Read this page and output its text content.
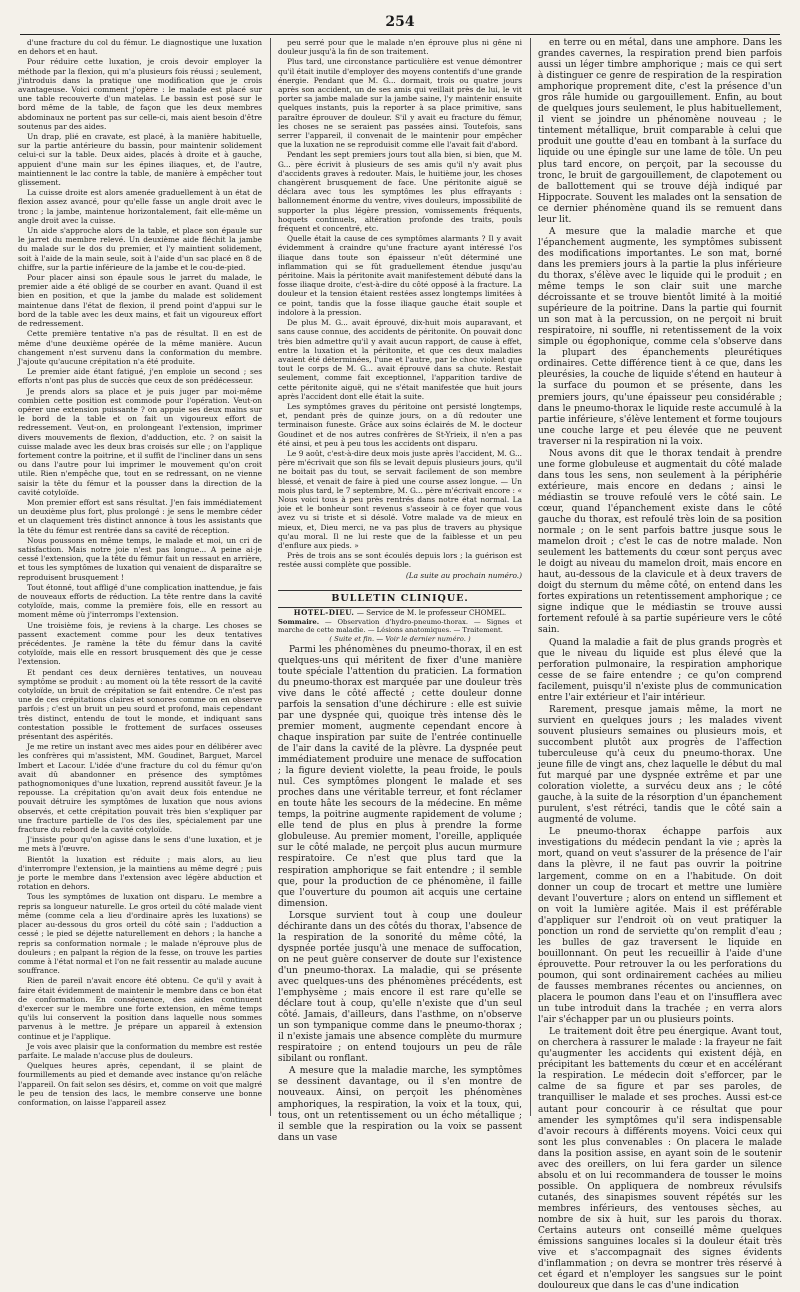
254

d'une fracture du col du fémur. Le diagnostique une luxation en dehors et en haut.

Pour réduire cette luxation, je crois devoir employer la méthode par la flexion, qui m'a plusieurs fois réussi ; seulement, j'introduis dans la pratique une modification que je crois avantageuse. Voici comment j'opère : le malade est placé sur une table recouverte d'un matelas. Le bassin est posé sur le bord même de la table, de façon que les deux membres abdominaux ne portent pas sur celle-ci, mais aient besoin d'être soutenus par des aides.

Un drap, plié en cravate, est placé, à la manière habituelle, sur la partie antérieure du bassin, pour maintenir solidement celui-ci sur la table. Deux aides, placés à droite et à gauche, appuient d'une main sur les épines iliaques, et, de l'autre, maintiennent le lac contre la table, de manière à empêcher tout glissement.

La cuisse droite est alors amenée graduellement à un état de flexion assez avancé, pour qu'elle fasse un angle droit avec le tronc ; la jambe, maintenue horizontalement, fait elle-même un angle droit avec la cuisse.

Un aide s'approche alors de la table, et place son épaule sur le jarret du membre relevé. Un deuxième aide fléchit la jambe du malade sur le dos du premier, et l'y maintient solidement, soit à l'aide de la main seule, soit à l'aide d'un sac placé en 8 de chiffre, sur la partie inférieure de la jambe et le cou-de-pied.

Pour placer ainsi son épaule sous le jarret du malade, le premier aide a été obligé de se courber en avant. Quand il est bien en position, et que la jambe du malade est solidement maintenue dans l'état de flexion, il prend point d'appui sur le bord de la table avec les deux mains, et fait un vigoureux effort de redressement.

Cette première tentative n'a pas de résultat. Il en est de même d'une deuxième opérée de la même manière. Aucun changement n'est survenu dans la conformation du membre. J'ajoute qu'aucune crépitation n'a été produite.

Le premier aide étant fatigué, j'en emploie un second ; ses efforts n'ont pas plus de succès que ceux de son prédécesseur.

Je prends alors sa place et je puis juger par moi-même combien cette position est commode pour l'opération. Veut-on opérer une extension puissante ? on appuie ses deux mains sur le bord de la table et on fait un vigoureux effort de redressement. Veut-on, en prolongeant l'extension, imprimer divers mouvements de flexion, d'adduction, etc. ? on saisit la cuisse malade avec les deux bras croisés sur elle ; on l'applique fortement contre la poitrine, et il suffit de l'incliner dans un sens ou dans l'autre pour lui imprimer le mouvement qu'on croit utile. Rien n'empêche que, tout en se redressant, on ne vienne saisir la tête du fémur et la pousser dans la direction de la cavité cotyloïde.

Mon premier effort est sans résultat. J'en fais immédiatement un deuxième plus fort, plus prolongé : je sens le membre céder et un claquement très distinct annonce à tous les assistants que la tête du fémur est rentrée dans sa cavité de réception.

Nous poussons en même temps, le malade et moi, un cri de satisfaction. Mais notre joie n'est pas longue... A peine ai-je cessé l'extension, que la tête du fémur fait un ressaut en arrière, et tous les symptômes de luxation qui venaient de disparaître se reproduisent brusquement !

Tout étonné, tout affligé d'une complication inattendue, je fais de nouveaux efforts de réduction. La tête rentre dans la cavité cotyloïde, mais, comme la première fois, elle en ressort au moment même où j'interromps l'extension.

Une troisième fois, je reviens à la charge. Les choses se passent exactement comme pour les deux tentatives précédentes. Je ramène la tête du fémur dans la cavité cotyloïde, mais elle en ressort brusquement dès que je cesse l'extension.

Et pendant ces deux dernières tentatives, un nouveau symptôme se produit : au moment où la tête ressort de la cavité cotyloïde, un bruit de crépitation se fait entendre. Ce n'est pas une de ces crépitations claires et sonores comme on en observe parfois ; c'est un bruit un peu sourd et profond, mais cependant très distinct, entendu de tout le monde, et indiquant sans contestation possible le frottement de surfaces osseuses présentant des aspérités.

Je me retire un instant avec mes aides pour en délibérer avec les confrères qui m'assistent, MM. Goudinet, Barguet, Marcel Imbert et Lacour. L'idée d'une fracture du col du fémur qu'on avait dû abandonner en présence des symptômes pathognomoniques d'une luxation, reprend aussitôt faveur. Je la repousse. La crépitation qu'on avait deux fois entendue ne pouvait détruire les symptômes de luxation que nous avions observés, et cette crépitation pouvait très bien s'expliquer par une fracture partielle de l'os des iles, spécialement par une fracture du rebord de la cavité cotyloïde.

J'insiste pour qu'on agisse dans le sens d'une luxation, et je me mets à l'œuvre.

Bientôt la luxation est réduite ; mais alors, au lieu d'interrompre l'extension, je la maintiens au même degré ; puis je porte le membre dans l'extension avec légère abduction et rotation en dehors.

Tous les symptômes de luxation ont disparu. Le membre a repris sa longueur naturelle. Le gros orteil du côté malade vient même (comme cela a lieu d'ordinaire après les luxations) se placer au-dessous du gros orteil du côté sain ; l'adduction a cessé ; le pied se déjette naturellement en dehors ; la hanche a repris sa conformation normale ; le malade n'éprouve plus de douleurs ; en palpant la région de la fesse, on trouve les parties comme à l'état normal et l'on ne fait ressentir au malade aucune souffrance.

Rien de pareil n'avait encore été obtenu. Ce qu'il y avait à faire était évidemment de maintenir le membre dans ce bon état de conformation. En conséquence, des aides continuent d'exercer sur le membre une forte extension, en même temps qu'ils lui conservent la position dans laquelle nous sommes parvenus à le mettre. Je prépare un appareil à extension continue et je l'applique.

Je vois avec plaisir que la conformation du membre est restée parfaite. Le malade n'accuse plus de douleurs.

Quelques heures après, cependant, il se plaint de fourmillements au pied et demande avec instance qu'on relâche l'appareil. On fait selon ses désirs, et, comme on voit que malgré le peu de tension des lacs, le membre conserve une bonne conformation, on laisse l'appareil assez

peu serré pour que le malade n'en éprouve plus ni gêne ni douleur jusqu'à la fin de son traitement.

Plus tard, une circonstance particulière est venue démontrer qu'il était inutile d'employer des moyens contentifs d'une grande énergie. Pendant que M. G... dormait, trois ou quatre jours après son accident, un de ses amis qui veillait près de lui, le vit porter sa jambe malade sur la jambe saine, l'y maintenir ensuite quelques instants, puis la reporter à sa place primitive, sans paraître éprouver de douleur. S'il y avait eu fracture du fémur, les choses ne se seraient pas passées ainsi. Toutefois, sans serrer l'appareil, il convenait de le maintenir pour empêcher que la luxation ne se reproduisit comme elle l'avait fait d'abord.

Pendant les sept premiers jours tout alla bien, si bien, que M. G... père écrivit à plusieurs de ses amis qu'il n'y avait plus d'accidents graves à redouter. Mais, le huitième jour, les choses changèrent brusquement de face. Une péritonite aiguë se déclara avec tous les symptômes les plus effrayants : ballonnement énorme du ventre, vives douleurs, impossibilité de supporter la plus légère pression, vomissements fréquents, hoquets continuels, altération profonde des traits, pouls fréquent et concentré, etc.

Quelle était la cause de ces symptômes alarmants ? Il y avait évidemment à craindre qu'une fracture ayant intéressé l'os iliaque dans toute son épaisseur n'eût déterminé une inflammation qui se fût graduellement étendue jusqu'au péritoine. Mais la péritonite avait manifestement débuté dans la fosse iliaque droite, c'est-à-dire du côté opposé à la fracture. La douleur et la tension étaient restées assez longtemps limitées à ce point, tandis que la fosse iliaque gauche était souple et indolore à la pression.

De plus M. G... avait éprouvé, dix-huit mois auparavant, et sans cause connue, des accidents de péritonite. On pouvait donc très bien admettre qu'il y avait aucun rapport, de cause à effet, entre la luxation et la péritonite, et que ces deux maladies avaient été déterminées, l'une et l'autre, par le choc violent que tout le corps de M. G... avait éprouvé dans sa chute. Restait seulement, comme fait exceptionnel, l'apparition tardive de cette péritonite aiguë, qui ne s'était manifestée que huit jours après l'accident dont elle était la suite.

Les symptômes graves du péritoine ont persisté longtemps, et, pendant près de quinze jours, on a dû redouter une terminaison funeste. Grâce aux soins éclairés de M. le docteur Goudinet et de nos autres confrères de St-Yrieix, il n'en a pas été ainsi, et peu à peu tous les accidents ont disparu.

Le 9 août, c'est-à-dire deux mois juste après l'accident, M. G... père m'écrivait que son fils se levait depuis plusieurs jours, qu'il ne boitait pas du tout, se servait facilement de son membre blessé, et venait de faire à pied une course assez longue. — Un mois plus tard, le 7 septembre, M. G... père m'écrivait encore : « Nous voici tous à peu près rentrés dans notre état normal. La joie et le bonheur sont revenus s'asseoir à ce foyer que vous avez vu si triste et si désolé. Votre malade va de mieux en mieux, et, Dieu merci, ne va pas plus de travers au physique qu'au moral. Il ne lui reste que de la faiblesse et un peu d'enflure aux pieds. »

Près de trois ans se sont écoulés depuis lors ; la guérison est restée aussi complète que possible.

(La suite au prochain numéro.)

BULLETIN CLINIQUE.

HOTEL-DIEU. — Service de M. le professeur CHOMEL.

Sommaire. — Observation d'hydro-pneumo-thorax. — Signes et marche de cette maladie. — Lésions anatomiques. — Traitement.

( Suite et fin. — Voir le dernier numéro. )

Parmi les phénomènes du pneumo-thorax, il en est quelques-uns qui méritent de fixer d'une manière toute spéciale l'attention du praticien. La formation du pneumo-thorax est marquée par une douleur très vive dans le côté affecté ; cette douleur donne parfois la sensation d'une déchirure : elle est suivie par une dyspnée qui, quoique très intense dès le premier moment, augmente cependant encore à chaque inspiration par suite de l'entrée continuelle de l'air dans la cavité de la plèvre. La dyspnée peut immédiatement produire une menace de suffocation ; la figure devient violette, la peau froide, le pouls nul. Ces symptômes plongent le malade et ses proches dans une véritable terreur, et font réclamer en toute hâte les secours de la médecine. En même temps, la poitrine augmente rapidement de volume ; elle tend de plus en plus à prendre la forme globuleuse. Au premier moment, l'oreille, appliquée sur le côté malade, ne perçoit plus aucun murmure respiratoire. Ce n'est que plus tard que la respiration amphorique se fait entendre ; il semble que, pour la production de ce phénomène, il faille que l'ouverture du poumon ait acquis une certaine dimension.

Lorsque survient tout à coup une douleur déchirante dans un des côtés du thorax, l'absence de la respiration de la sonorité du même côté, la dyspnée portée jusqu'à une menace de suffocation, on ne peut guère conserver de doute sur l'existence d'un pneumo-thorax. La maladie, qui se présente avec quelques-uns des phénomènes précédents, est l'emphysème ; mais encore il est rare qu'elle se déclare tout à coup, qu'elle n'existe que d'un seul côté. Jamais, d'ailleurs, dans l'asthme, on n'observe un son tympanique comme dans le pneumo-thorax ; il n'existe jamais une absence complète du murmure respiratoire ; on entend toujours un peu de râle sibilant ou ronflant.

A mesure que la maladie marche, les symptômes se dessinent davantage, ou il s'en montre de nouveaux. Ainsi, on perçoit les phénomènes amphoriques, la respiration, la voix et la toux, qui, tous, ont un retentissement ou un écho métallique ; il semble que la respiration ou la voix se passent dans un vase

en terre ou en métal, dans une amphore. Dans les grandes cavernes, la respiration prend bien parfois aussi un léger timbre amphorique ; mais ce qui sert à distinguer ce genre de respiration de la respiration amphorique proprement dite, c'est la présence d'un gros râle humide ou gargouillement. Enfin, au bout de quelques jours seulement, le plus habituellement, il vient se joindre un phénomène nouveau ; le tintement métallique, bruit comparable à celui que produit une goutte d'eau en tombant à la surface du liquide ou une épingle sur une lame de tôle. Un peu plus tard encore, on perçoit, par la secousse du tronc, le bruit de gargouillement, de clapotement ou de ballottement qui se trouve déjà indiqué par Hippocrate. Souvent les malades ont la sensation de ce dernier phénomène quand ils se remuent dans leur lit.

A mesure que la maladie marche et que l'épanchement augmente, les symptômes subissent des modifications importantes. Le son mat, borné dans les premiers jours à la partie la plus inférieure du thorax, s'élève avec le liquide qui le produit ; en même temps le son clair suit une marche décroissante et se trouve bientôt limité à la moitié supérieure de la poitrine. Dans la partie qui fournit un son mat à la percussion, on ne perçoit ni bruit respiratoire, ni souffle, ni retentissement de la voix simple ou égophonique, comme cela s'observe dans la plupart des épanchements pleurétiques ordinaires. Cette différence tient à ce que, dans les pleurésies, la couche de liquide s'étend en hauteur à la surface du poumon et se présente, dans les premiers jours, qu'une épaisseur peu considérable ; dans le pneumo-thorax le liquide reste accumulé à la partie inférieure, s'élève lentement et forme toujours une couche large et peu élevée que ne peuvent traverser ni la respiration ni la voix.

Nous avons dit que le thorax tendait à prendre une forme globuleuse et augmentait du côté malade dans tous les sens, non seulement à la périphérie extérieure, mais encore en dedans ; ainsi le médiastin se trouve refoulé vers le côté sain. Le cœur, quand l'épanchement existe dans le côté gauche du thorax, est refoulé très loin de sa position normale ; on le sent parfois battre jusque sous le mamelon droit ; c'est le cas de notre malade. Non seulement les battements du cœur sont perçus avec le doigt au niveau du mamelon droit, mais encore en haut, au-dessous de la clavicule et à deux travers de doigt du sternum du même côté, on entend dans les fortes expirations un retentissement amphorique ; ce signe indique que le médiastin se trouve aussi fortement refoulé à sa partie supérieure vers le côté sain.

Quand la maladie a fait de plus grands progrès et que le niveau du liquide est plus élevé que la perforation pulmonaire, la respiration amphorique cesse de se faire entendre ; ce qu'on comprend facilement, puisqu'il n'existe plus de communication entre l'air extérieur et l'air intérieur.

Rarement, presque jamais même, la mort ne survient en quelques jours ; les malades vivent souvent plusieurs semaines ou plusieurs mois, et succombent plutôt aux progrès de l'affection tuberculeuse qu'à ceux du pneumo-thorax. Une jeune fille de vingt ans, chez laquelle le début du mal fut marqué par une dyspnée extrême et par une coloration violette, a survécu deux ans ; le côté gauche, à la suite de la résorption d'un épanchement purulent, s'est rétréci, tandis que le côté sain a augmenté de volume.

Le pneumo-thorax échappe parfois aux investigations du médecin pendant la vie ; après la mort, quand on veut s'assurer de la présence de l'air dans la plèvre, il ne faut pas ouvrir la poitrine largement, comme on en a l'habitude. On doit donner un coup de trocart et mettre une lumière devant l'ouverture ; alors on entend un sifflement et on voit la lumière agitée. Mais il est préférable d'appliquer sur l'endroit où on veut pratiquer la ponction un rond de serviette qu'on remplit d'eau ; les bulles de gaz traversent le liquide en bouillonnant. On peut les recueillir à l'aide d'une éprouvette. Pour retrouver la ou les perforations du poumon, qui sont ordinairement cachées au milieu de fausses membranes récentes ou anciennes, on placera le poumon dans l'eau et on l'insufflera avec un tube introduit dans la trachée ; en verra alors l'air s'échapper par un ou plusieurs points.

Le traitement doit être peu énergique. Avant tout, on cherchera à rassurer le malade : la frayeur ne fait qu'augmenter les accidents qui existent déjà, en précipitant les battements du cœur et en accélérant la respiration. Le médecin doit s'efforcer, par le calme de sa figure et par ses paroles, de tranquilliser le malade et ses proches. Aussi est-ce autant pour concourir à ce résultat que pour amender les symptômes qu'il sera indispensable d'avoir recours à différents moyens. Voici ceux qui sont les plus convenables : On placera le malade dans la position assise, en ayant soin de le soutenir avec des oreillers, on lui fera garder un silence absolu et on lui recommandera de tousser le moins possible. On appliquera de nombreux révulsifs cutanés, des sinapismes souvent répétés sur les membres inférieurs, des ventouses sèches, au nombre de six à huit, sur les parois du thorax. Certains auteurs ont conseillé même quelques émissions sanguines locales si la douleur était très vive et s'accompagnait des signes évidents d'inflammation ; on devra se montrer très réservé à cet égard et n'employer les sangsues sur le point douloureux que dans le cas d'une indication
